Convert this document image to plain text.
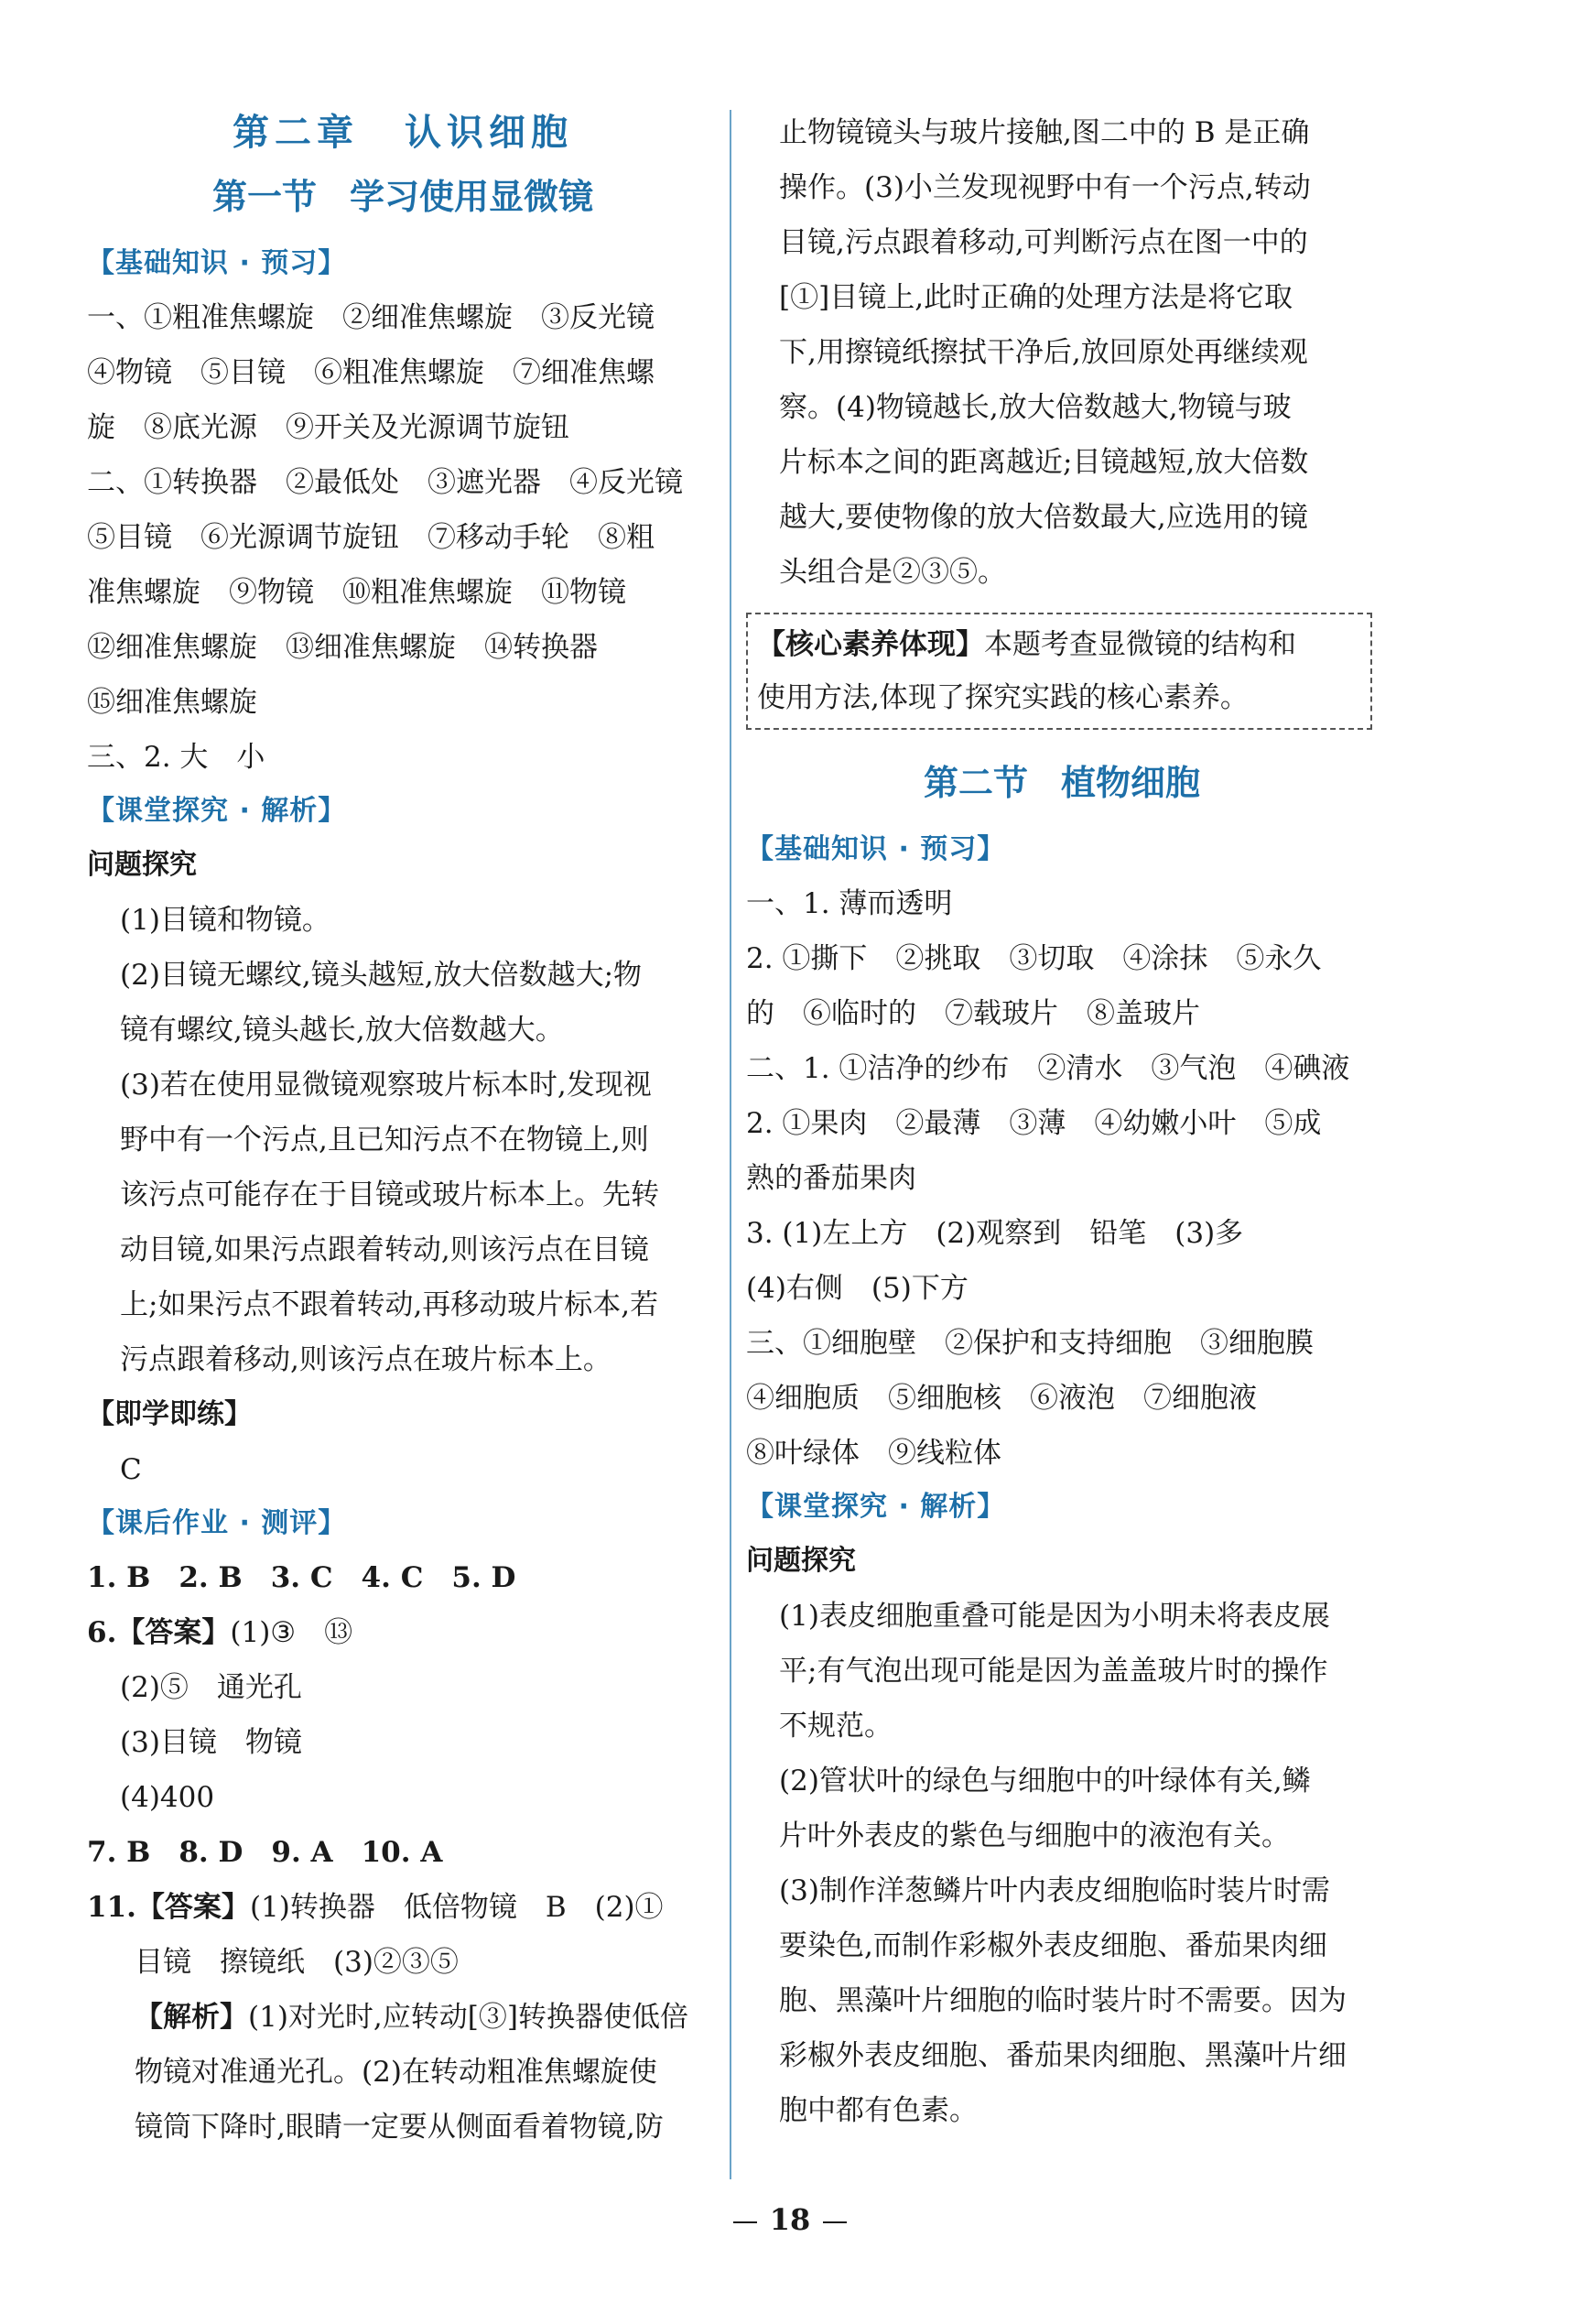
第二章 认识细胞
第一节 学习使用显微镜
【基础知识 · 预习】
一、①粗准焦螺旋　②细准焦螺旋　③反光镜
④物镜　⑤目镜　⑥粗准焦螺旋　⑦细准焦螺
旋　⑧底光源　⑨开关及光源调节旋钮
二、①转换器　②最低处　③遮光器　④反光镜
⑤目镜　⑥光源调节旋钮　⑦移动手轮　⑧粗
准焦螺旋　⑨物镜　⑩粗准焦螺旋　⑪物镜
⑫细准焦螺旋　⑬细准焦螺旋　⑭转换器
⑮细准焦螺旋
三、2. 大　小
【课堂探究 · 解析】
问题探究
(1)目镜和物镜。
(2)目镜无螺纹,镜头越短,放大倍数越大;物
镜有螺纹,镜头越长,放大倍数越大。
(3)若在使用显微镜观察玻片标本时,发现视
野中有一个污点,且已知污点不在物镜上,则
该污点可能存在于目镜或玻片标本上。先转
动目镜,如果污点跟着转动,则该污点在目镜
上;如果污点不跟着转动,再移动玻片标本,若
污点跟着移动,则该污点在玻片标本上。
【即学即练】
C
【课后作业 · 测评】
1. B　2. B　3. C　4. C　5. D
6.【答案】(1)③　⑬
(2)⑤　通光孔
(3)目镜　物镜
(4)400
7. B　8. D　9. A　10. A
11.【答案】(1)转换器　低倍物镜　B　(2)①
目镜　擦镜纸　(3)②③⑤
【解析】(1)对光时,应转动[③]转换器使低倍
物镜对准通光孔。(2)在转动粗准焦螺旋使
镜筒下降时,眼睛一定要从侧面看着物镜,防
止物镜镜头与玻片接触,图二中的 B 是正确
操作。(3)小兰发现视野中有一个污点,转动
目镜,污点跟着移动,可判断污点在图一中的
[①]目镜上,此时正确的处理方法是将它取
下,用擦镜纸擦拭干净后,放回原处再继续观
察。(4)物镜越长,放大倍数越大,物镜与玻
片标本之间的距离越近;目镜越短,放大倍数
越大,要使物像的放大倍数最大,应选用的镜
头组合是②③⑤。
【核心素养体现】本题考查显微镜的结构和
使用方法,体现了探究实践的核心素养。
第二节 植物细胞
【基础知识 · 预习】
一、1. 薄而透明
2. ①撕下　②挑取　③切取　④涂抹　⑤永久
的　⑥临时的　⑦载玻片　⑧盖玻片
二、1. ①洁净的纱布　②清水　③气泡　④碘液
2. ①果肉　②最薄　③薄　④幼嫩小叶　⑤成
熟的番茄果肉
3. (1)左上方　(2)观察到　铅笔　(3)多
(4)右侧　(5)下方
三、①细胞壁　②保护和支持细胞　③细胞膜
④细胞质　⑤细胞核　⑥液泡　⑦细胞液
⑧叶绿体　⑨线粒体
【课堂探究 · 解析】
问题探究
(1)表皮细胞重叠可能是因为小明未将表皮展
平;有气泡出现可能是因为盖盖玻片时的操作
不规范。
(2)管状叶的绿色与细胞中的叶绿体有关,鳞
片叶外表皮的紫色与细胞中的液泡有关。
(3)制作洋葱鳞片叶内表皮细胞临时装片时需
要染色,而制作彩椒外表皮细胞、番茄果肉细
胞、黑藻叶片细胞的临时装片时不需要。因为
彩椒外表皮细胞、番茄果肉细胞、黑藻叶片细
胞中都有色素。
18
